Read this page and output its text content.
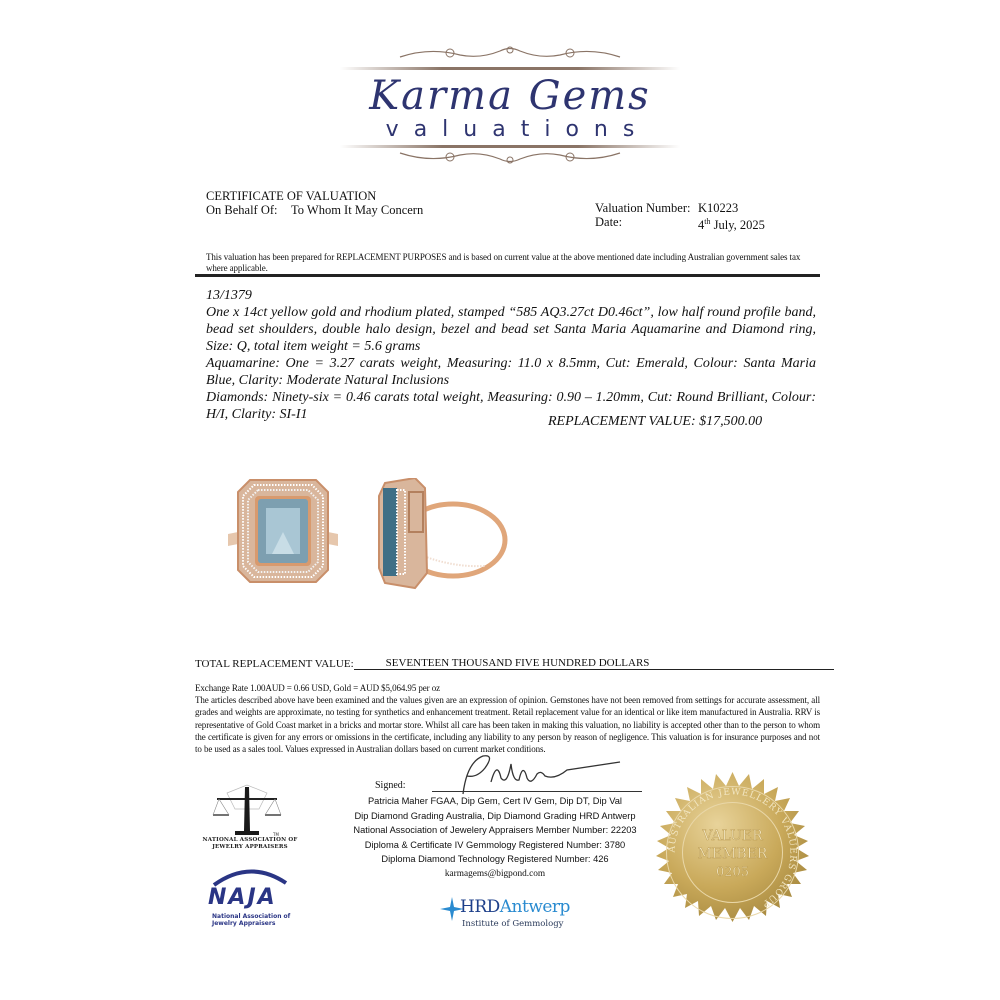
Karma Gems
valuations
CERTIFICATE OF VALUATION
On Behalf Of:	To Whom It May Concern	Valuation Number: K10223
Date:	4th July, 2025
This valuation has been prepared for REPLACEMENT PURPOSES and is based on current value at the above mentioned date including Australian government sales tax where applicable.

13/1379

One x 14ct yellow gold and rhodium plated, stamped “585 AQ3.27ct D0.46ct”, low half round profile band, bead set shoulders, double halo design, bezel and bead set Santa Maria Aquamarine and Diamond ring, Size: Q, total item weight = 5.6 grams

Aquamarine: One = 3.27 carats weight, Measuring: 11.0 x 8.5mm, Cut: Emerald, Colour: Santa Maria Blue, Clarity: Moderate Natural Inclusions

Diamonds: Ninety-six = 0.46 carats total weight, Measuring: 0.90 – 1.20mm, Cut: Round Brilliant, Colour: H/I, Clarity: SI-I1	REPLACEMENT VALUE: $17,500.00
TOTAL REPLACEMENT VALUE:	SEVENTEEN THOUSAND FIVE HUNDRED DOLLARS

Exchange Rate 1.00AUD = 0.66 USD, Gold = AUD $5,064.95 per oz

The articles described above have been examined and the values given are an expression of opinion. Gemstones have not been removed from settings for accurate assessment, all grades and weights are approximate, no testing for synthetics and enhancement treatment. Retail replacement value for an identical or like item manufactured in Australia. RRV is representative of Gold Coast market in a bricks and mortar store. Whilst all care has been taken in making this valuation, no liability is accepted other than to the person to whom the certificate is given for any errors or omissions in the certificate, including any liability to any person by reason of negligence. This valuation is for insurance purposes and not to be used as a sales tool. Values expressed in Australian dollars based on current market conditions.

Signed:
Patricia Maher FGAA, Dip Gem, Cert IV Gem, Dip DT, Dip Val
Dip Diamond Grading Australia, Dip Diamond Grading HRD Antwerp
National Association of Jewelery Appraisers Member Number: 22203
Diploma & Certificate IV Gemmology Registered Number: 3780
Diploma Diamond Technology Registered Number: 426
karmagems@bigpond.com
TM
NATIONAL ASSOCIATION OF
JEWELRY APPRAISERS
NAJA
National Association of
Jewelry Appraisers
HRDAntwerp
Institute of Gemmology
AUSTRALIAN JEWELLERY VALUERS GROUP
VALUER
MEMBER
0205
